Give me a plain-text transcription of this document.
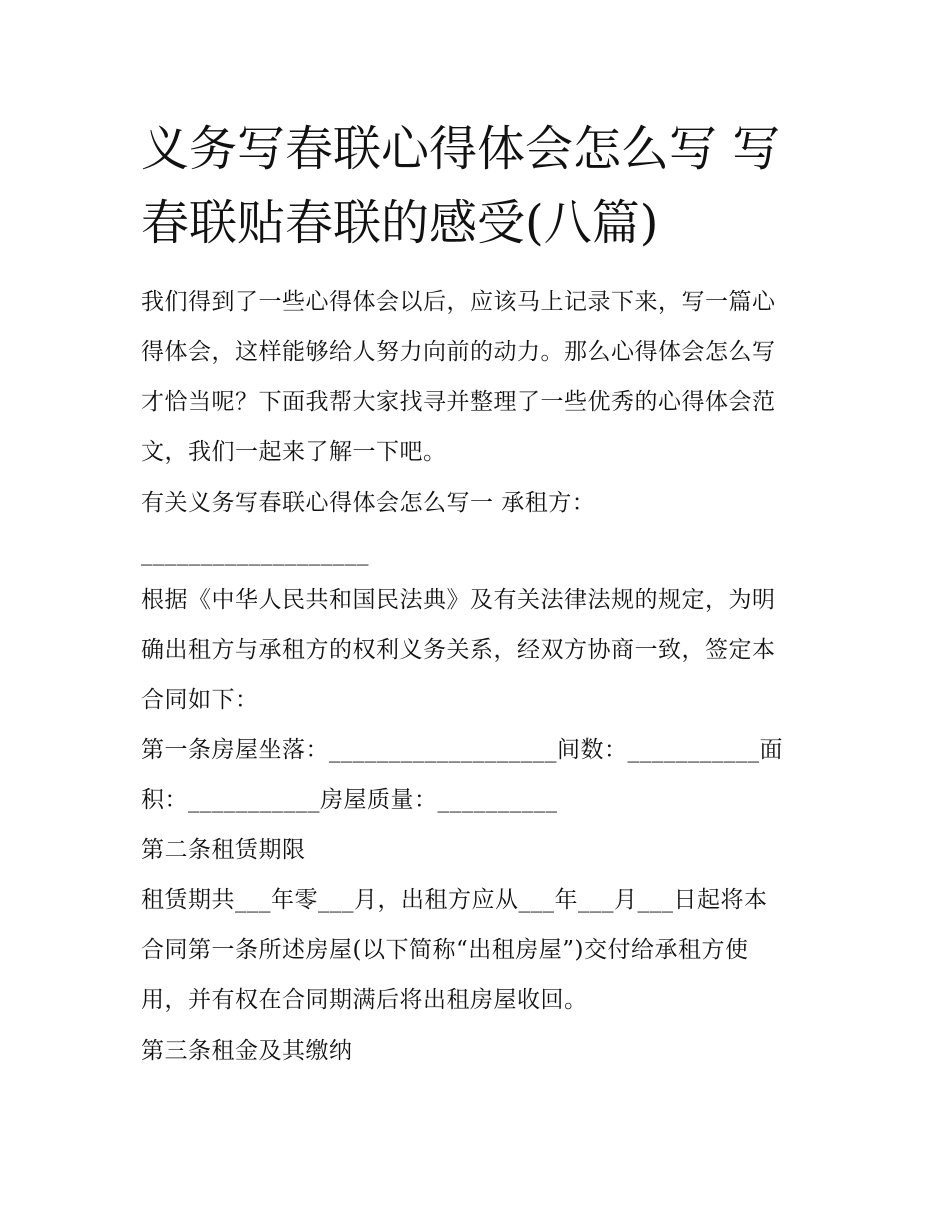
义务写春联心得体会怎么写 写
春联贴春联的感受(八篇)

我们得到了一些心得体会以后，应该马上记录下来，写一篇心
得体会，这样能够给人努力向前的动力。那么心得体会怎么写
才恰当呢？下面我帮大家找寻并整理了一些优秀的心得体会范
文，我们一起来了解一下吧。

有关义务写春联心得体会怎么写一 承租方：

___________________

根据《中华人民共和国民法典》及有关法律法规的规定，为明
确出租方与承租方的权利义务关系，经双方协商一致，签定本
合同如下：

第一条房屋坐落：___________________间数：___________面
积：___________房屋质量：__________

第二条租赁期限

租赁期共___年零___月，出租方应从___年___月___日起将本
合同第一条所述房屋(以下简称“出租房屋”)交付给承租方使
用，并有权在合同期满后将出租房屋收回。

第三条租金及其缴纳
